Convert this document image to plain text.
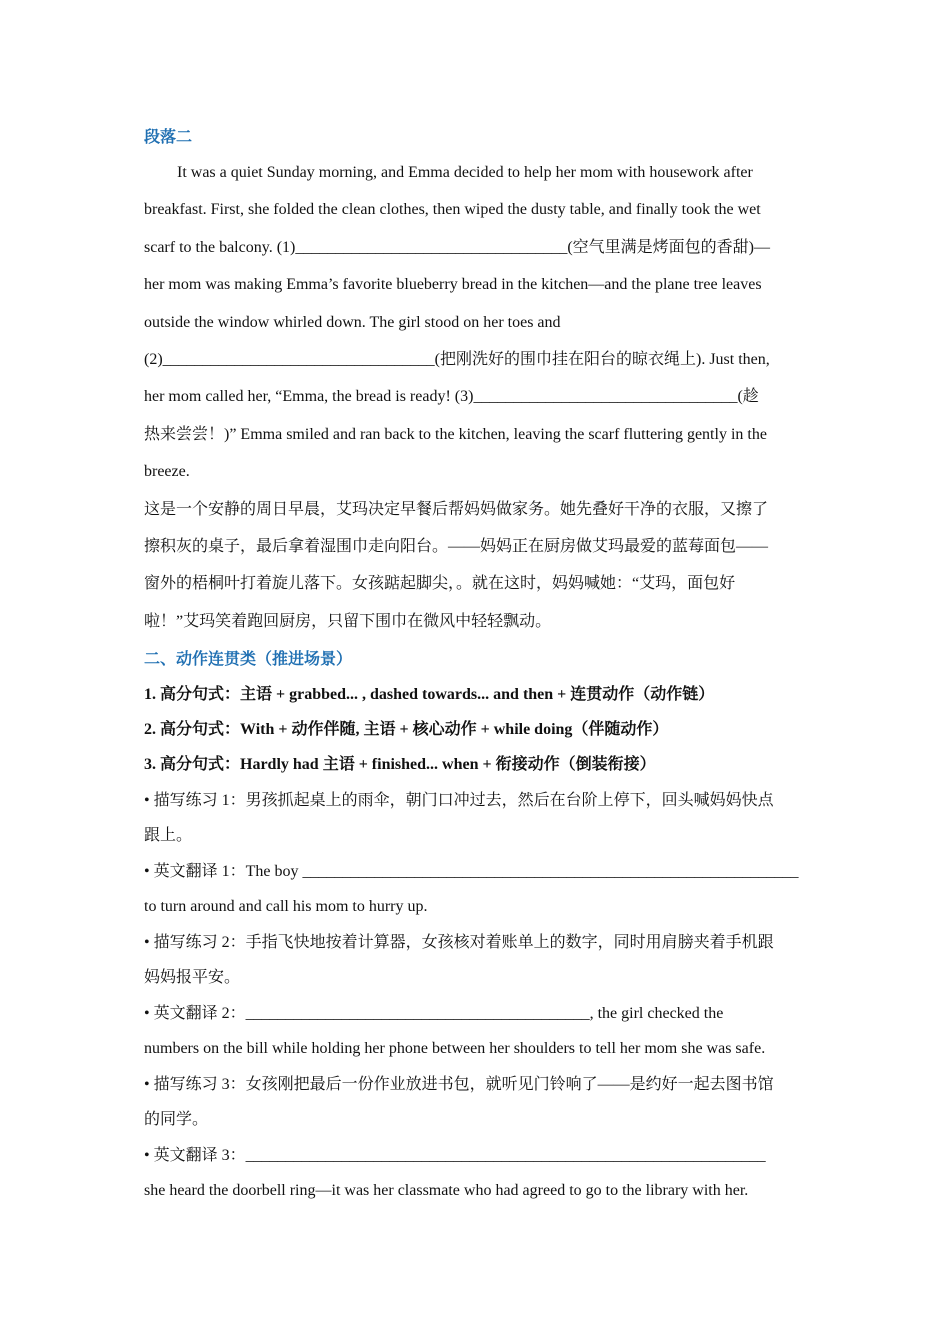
段落二

It was a quiet Sunday morning, and Emma decided to help her mom with housework after

breakfast. First, she folded the clean clothes, then wiped the dusty table, and finally took the wet

scarf to the balcony. (1)__________________________________(空气里满是烤面包的香甜)—

her mom was making Emma’s favorite blueberry bread in the kitchen—and the plane tree leaves

outside the window whirled down. The girl stood on her toes and

(2)__________________________________(把刚洗好的围巾挂在阳台的晾衣绳上). Just then,

her mom called her, “Emma, the bread is ready! (3)_________________________________(趁

热来尝尝！)” Emma smiled and ran back to the kitchen, leaving the scarf fluttering gently in the

breeze.

这是一个安静的周日早晨，艾玛决定早餐后帮妈妈做家务。她先叠好干净的衣服，又擦了

擦积灰的桌子，最后拿着湿围巾走向阳台。——妈妈正在厨房做艾玛最爱的蓝莓面包——

窗外的梧桐叶打着旋儿落下。女孩踮起脚尖，。就在这时，妈妈喊她：“艾玛，面包好

啦！”艾玛笑着跑回厨房，只留下围巾在微风中轻轻飘动。

二、动作连贯类（推进场景）
1. 高分句式：主语 + grabbed... , dashed towards... and then + 连贯动作（动作链）
2. 高分句式：With + 动作伴随, 主语 + 核心动作 + while doing（伴随动作）
3. 高分句式：Hardly had 主语 + finished... when + 衔接动作（倒装衔接）

• 描写练习 1：男孩抓起桌上的雨伞，朝门口冲过去，然后在台阶上停下，回头喊妈妈快点

跟上。

• 英文翻译 1：The boy ______________________________________________________________

to turn around and call his mom to hurry up.

• 描写练习 2：手指飞快地按着计算器，女孩核对着账单上的数字，同时用肩膀夹着手机跟

妈妈报平安。

• 英文翻译 2：___________________________________________, the girl checked the

numbers on the bill while holding her phone between her shoulders to tell her mom she was safe.

• 描写练习 3：女孩刚把最后一份作业放进书包，就听见门铃响了——是约好一起去图书馆

的同学。

• 英文翻译 3：_________________________________________________________________

she heard the doorbell ring—it was her classmate who had agreed to go to the library with her.
